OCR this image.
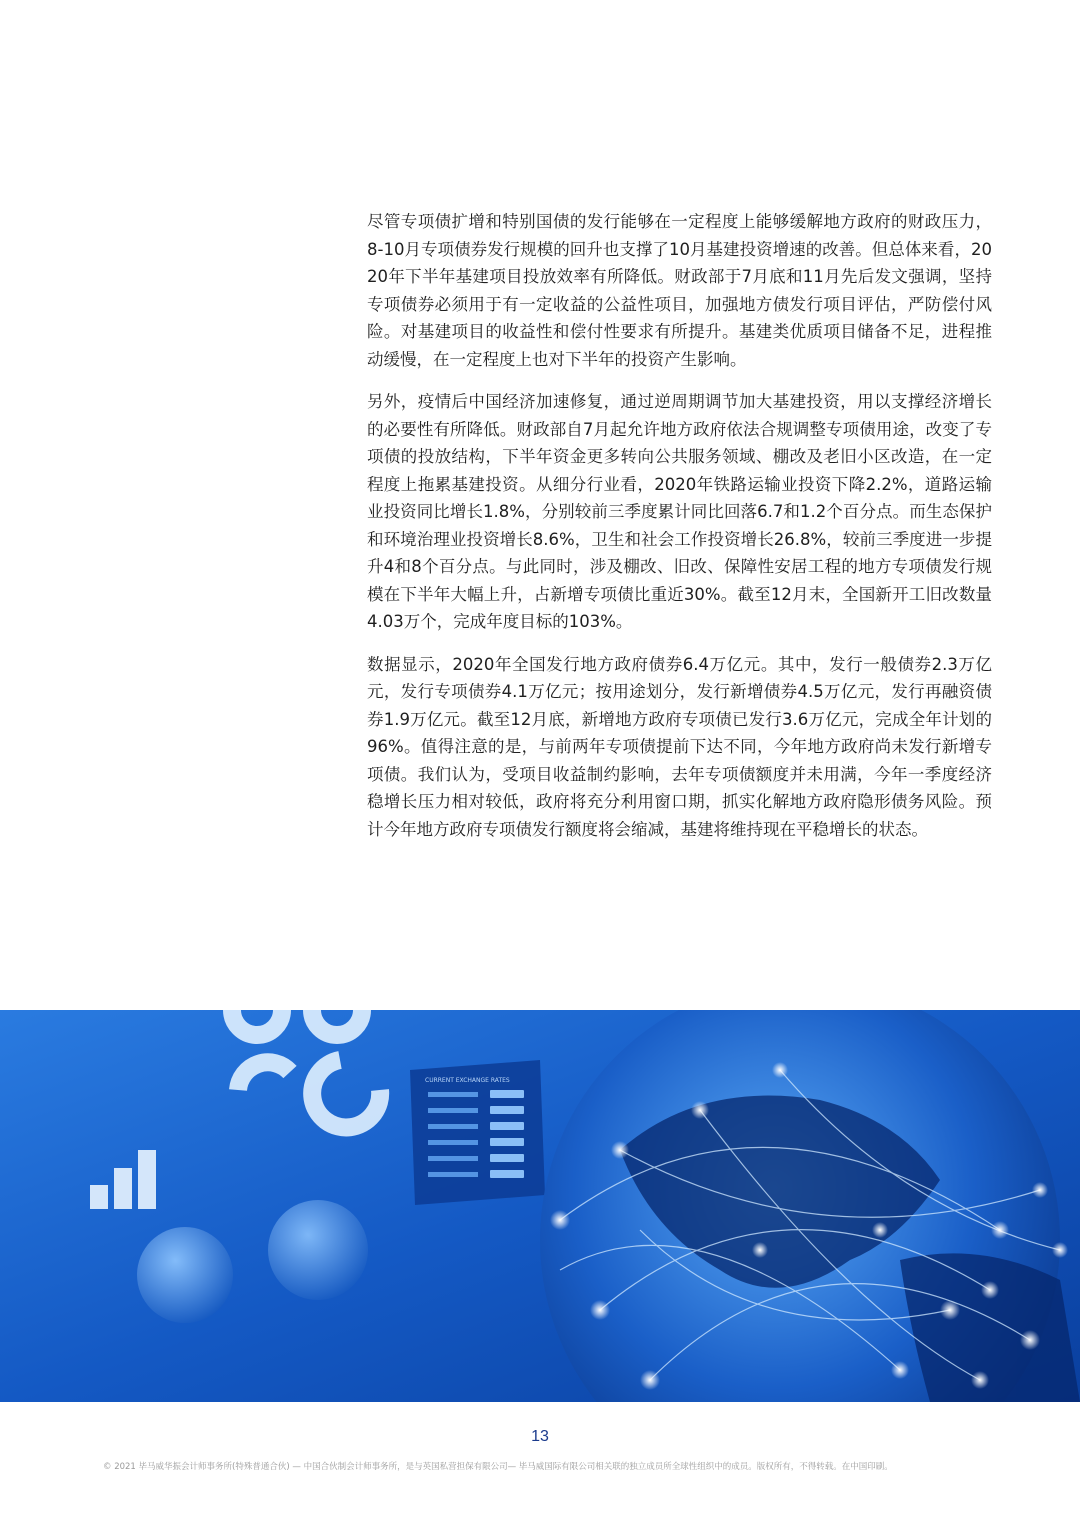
尽管专项债扩增和特别国债的发行能够在一定程度上能够缓解地方政府的财政压力， 8-10月专项债券发行规模的回升也支撑了10月基建投资增速的改善。但总体来看，2020年下半年基建项目投放效率有所降低。财政部于7月底和11月先后发文强调，坚持专项债券必须用于有一定收益的公益性项目，加强地方债发行项目评估，严防偿付风险。对基建项目的收益性和偿付性要求有所提升。基建类优质项目储备不足，进程推动缓慢，在一定程度上也对下半年的投资产生影响。

另外，疫情后中国经济加速修复，通过逆周期调节加大基建投资，用以支撑经济增长的必要性有所降低。财政部自7月起允许地方政府依法合规调整专项债用途，改变了专项债的投放结构，下半年资金更多转向公共服务领域、棚改及老旧小区改造，在一定程度上拖累基建投资。从细分行业看，2020年铁路运输业投资下降2.2%，道路运输业投资同比增长1.8%，分别较前三季度累计同比回落6.7和1.2个百分点。而生态保护和环境治理业投资增长8.6%，卫生和社会工作投资增长26.8%，较前三季度进一步提升4和8个百分点。与此同时，涉及棚改、旧改、保障性安居工程的地方专项债发行规模在下半年大幅上升，占新增专项债比重近30%。截至12月末，全国新开工旧改数量4.03万个，完成年度目标的103%。

数据显示，2020年全国发行地方政府债券6.4万亿元。其中，发行一般债券2.3万亿元，发行专项债券4.1万亿元；按用途划分，发行新增债券4.5万亿元，发行再融资债券1.9万亿元。截至12月底，新增地方政府专项债已发行3.6万亿元，完成全年计划的96%。值得注意的是，与前两年专项债提前下达不同，今年地方政府尚未发行新增专项债。我们认为，受项目收益制约影响，去年专项债额度并未用满，今年一季度经济稳增长压力相对较低，政府将充分利用窗口期，抓实化解地方政府隐形债务风险。预计今年地方政府专项债发行额度将会缩减，基建将维持现在平稳增长的状态。

CURRENT EXCHANGE RATES
13
© 2021 毕马威华振会计师事务所(特殊普通合伙) — 中国合伙制会计师事务所，是与英国私营担保有限公司— 毕马威国际有限公司相关联的独立成员所全球性组织中的成员。版权所有，不得转载。在中国印刷。
